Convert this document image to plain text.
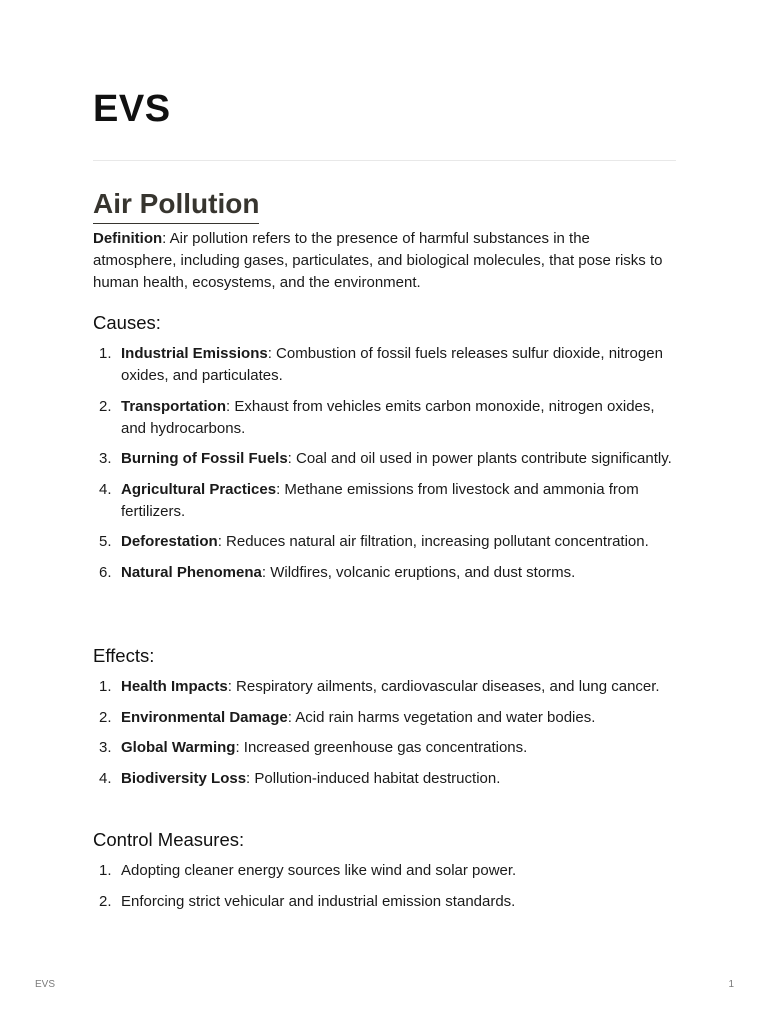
EVS
Air Pollution

Definition: Air pollution refers to the presence of harmful substances in the atmosphere, including gases, particulates, and biological molecules, that pose risks to human health, ecosystems, and the environment.

Causes:
1. Industrial Emissions: Combustion of fossil fuels releases sulfur dioxide, nitrogen oxides, and particulates.
2. Transportation: Exhaust from vehicles emits carbon monoxide, nitrogen oxides, and hydrocarbons.
3. Burning of Fossil Fuels: Coal and oil used in power plants contribute significantly.
4. Agricultural Practices: Methane emissions from livestock and ammonia from fertilizers.
5. Deforestation: Reduces natural air filtration, increasing pollutant concentration.
6. Natural Phenomena: Wildfires, volcanic eruptions, and dust storms.
Effects:
1. Health Impacts: Respiratory ailments, cardiovascular diseases, and lung cancer.
2. Environmental Damage: Acid rain harms vegetation and water bodies.
3. Global Warming: Increased greenhouse gas concentrations.
4. Biodiversity Loss: Pollution-induced habitat destruction.
Control Measures:
1. Adopting cleaner energy sources like wind and solar power.
2. Enforcing strict vehicular and industrial emission standards.
EVS	1
